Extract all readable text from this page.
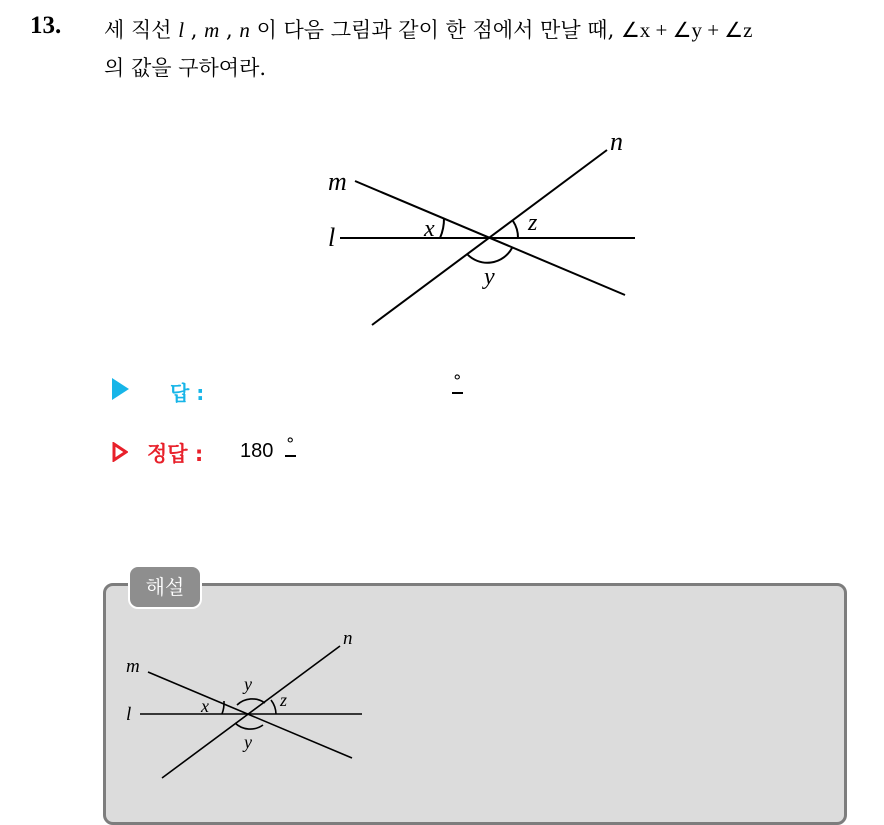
13. 세 직선 l , m , n 이 다음 그림과 같이 한 점에서 만날 때, ∠x + ∠y + ∠z
의 값을 구하여라.
m
n
l	x	z
y
답 :	°
정답 : 180 °
해설
m
n
l	x	z
y
y
